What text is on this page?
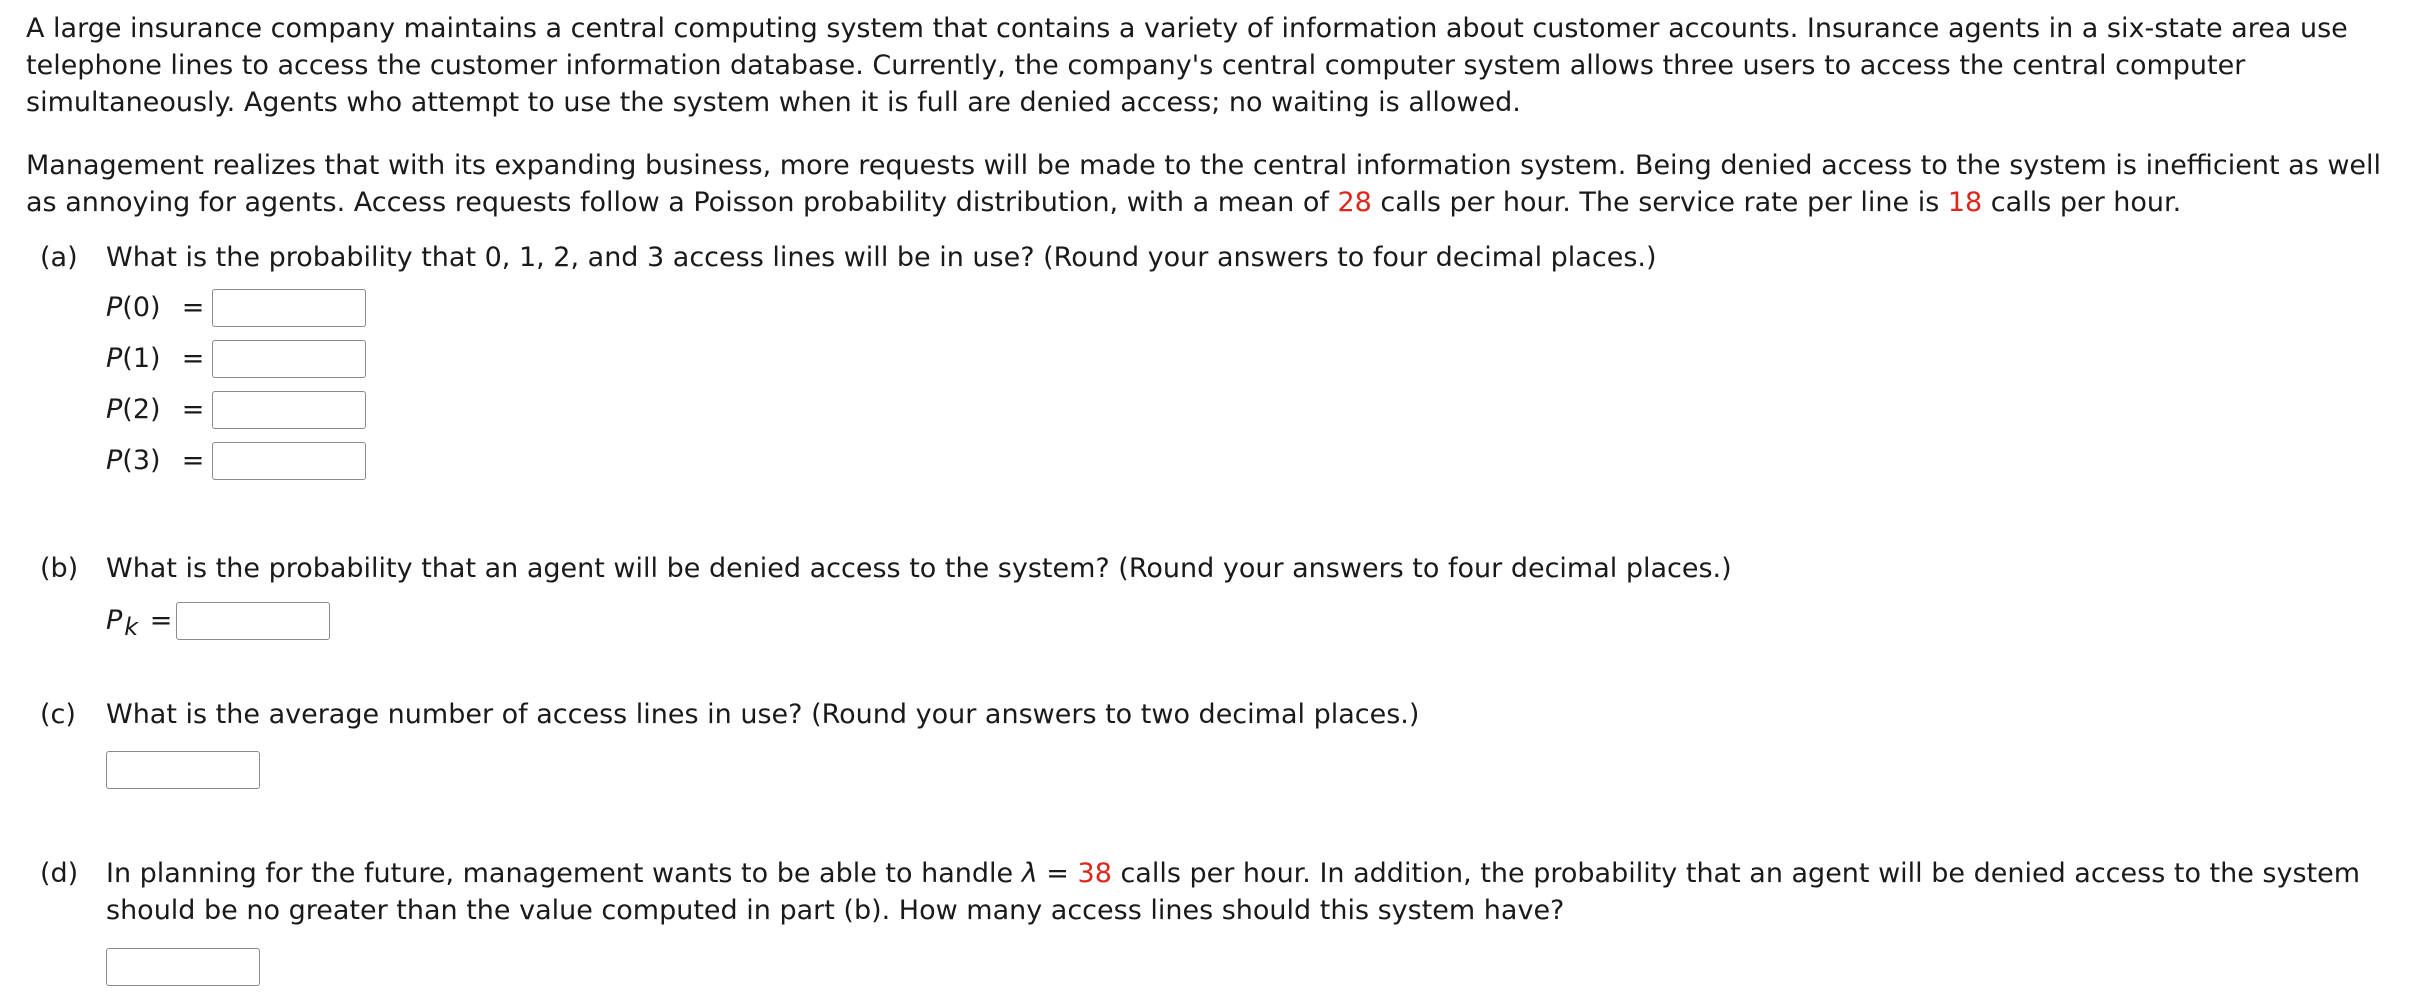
A large insurance company maintains a central computing system that contains a variety of information about customer accounts. Insurance agents in a six-state area use telephone lines to access the customer information database. Currently, the company's central computer system allows three users to access the central computer simultaneously. Agents who attempt to use the system when it is full are denied access; no waiting is allowed.

Management realizes that with its expanding business, more requests will be made to the central information system. Being denied access to the system is inefficient as well as annoying for agents. Access requests follow a Poisson probability distribution, with a mean of 28 calls per hour. The service rate per line is 18 calls per hour.

(a)	What is the probability that 0, 1, 2, and 3 access lines will be in use? (Round your answers to four decimal places.)
P(0) =
P(1) =
P(2) =
P(3) =
(b)	What is the probability that an agent will be denied access to the system? (Round your answers to four decimal places.)
$P_k$ =
(c)	What is the average number of access lines in use? (Round your answers to two decimal places.)
(d)	In planning for the future, management wants to be able to handle λ = 38 calls per hour. In addition, the probability that an agent will be denied access to the system should be no greater than the value computed in part (b). How many access lines should this system have?
